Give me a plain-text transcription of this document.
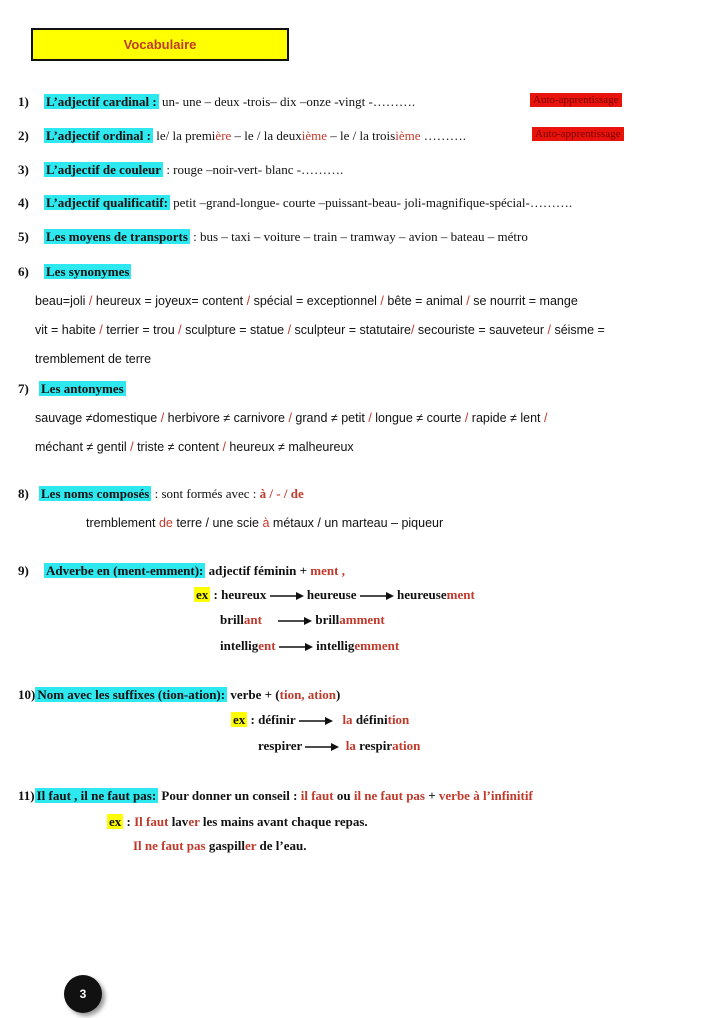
Vocabulaire
1) L’adjectif cardinal : un- une – deux -trois– dix –onze -vingt -……….	Auto-apprentissage
2) L’adjectif ordinal : le/ la première – le / la deuxième – le / la troisième ……….	Auto-apprentissage
3) L’adjectif de couleur : rouge –noir-vert- blanc -……….
4) L’adjectif qualificatif: petit –grand-longue- courte –puissant-beau- joli-magnifique-spécial-……….
5) Les moyens de transports : bus – taxi – voiture – train – tramway – avion – bateau – métro
6) Les synonymes
beau=joli / heureux = joyeux= content / spécial = exceptionnel / bête = animal / se nourrit = mange
vit = habite / terrier = trou / sculpture = statue / sculpteur = statutaire/ secouriste = sauveteur / séisme =
tremblement de terre
7) Les antonymes
sauvage ≠domestique / herbivore ≠ carnivore / grand ≠ petit / longue ≠ courte / rapide ≠ lent /
méchant ≠ gentil / triste ≠ content / heureux ≠ malheureux
8) Les noms composés : sont formés avec : à / - / de
tremblement de terre / une scie à métaux / un marteau – piqueur
9) Adverbe en (ment-emment): adjectif féminin + ment ,
ex : heureux	heureuse	heureusement
brillant	brillamment
intelligent	intelligemment
10) Nom avec les suffixes (tion-ation): verbe + (tion, ation)
ex : définir	la définition
respirer	la respiration
11) Il faut , il ne faut pas: Pour donner un conseil : il faut ou il ne faut pas + verbe à l’infinitif
ex : Il faut laver les mains avant chaque repas.
Il ne faut pas gaspiller de l’eau.
3
